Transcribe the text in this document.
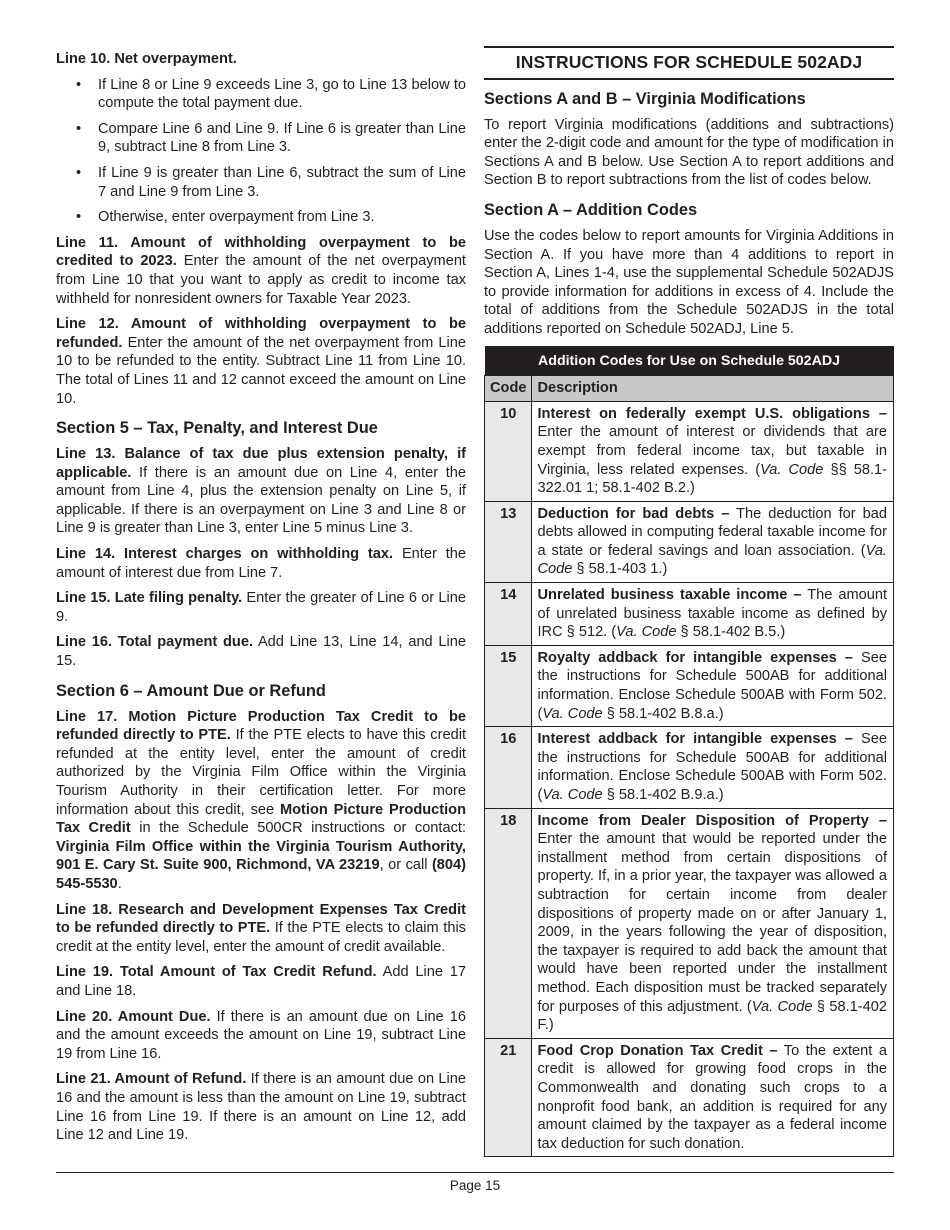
Line 10. Net overpayment.

• If Line 8 or Line 9 exceeds Line 3, go to Line 13 below to compute the total payment due.
• Compare Line 6 and Line 9. If Line 6 is greater than Line 9, subtract Line 8 from Line 3.
• If Line 9 is greater than Line 6, subtract the sum of Line 7 and Line 9 from Line 3.
• Otherwise, enter overpayment from Line 3.

Line 11. Amount of withholding overpayment to be credited to 2023. Enter the amount of the net overpayment from Line 10 that you want to apply as credit to income tax withheld for nonresident owners for Taxable Year 2023.

Line 12. Amount of withholding overpayment to be refunded. Enter the amount of the net overpayment from Line 10 to be refunded to the entity. Subtract Line 11 from Line 10. The total of Lines 11 and 12 cannot exceed the amount on Line 10.

Section 5 – Tax, Penalty, and Interest Due

Line 13. Balance of tax due plus extension penalty, if applicable. If there is an amount due on Line 4, enter the amount from Line 4, plus the extension penalty on Line 5, if applicable. If there is an overpayment on Line 3 and Line 8 or Line 9 is greater than Line 3, enter Line 5 minus Line 3.

Line 14. Interest charges on withholding tax. Enter the amount of interest due from Line 7.

Line 15. Late filing penalty. Enter the greater of Line 6 or Line 9.

Line 16. Total payment due. Add Line 13, Line 14, and Line 15.

Section 6 – Amount Due or Refund

Line 17. Motion Picture Production Tax Credit to be refunded directly to PTE. If the PTE elects to have this credit refunded at the entity level, enter the amount of credit authorized by the Virginia Film Office within the Virginia Tourism Authority in their certification letter. For more information about this credit, see Motion Picture Production Tax Credit in the Schedule 500CR instructions or contact: Virginia Film Office within the Virginia Tourism Authority, 901 E. Cary St. Suite 900, Richmond, VA 23219, or call (804) 545-5530.

Line 18. Research and Development Expenses Tax Credit to be refunded directly to PTE. If the PTE elects to claim this credit at the entity level, enter the amount of credit available.

Line 19. Total Amount of Tax Credit Refund. Add Line 17 and Line 18.

Line 20. Amount Due. If there is an amount due on Line 16 and the amount exceeds the amount on Line 19, subtract Line 19 from Line 16.

Line 21. Amount of Refund. If there is an amount due on Line 16 and the amount is less than the amount on Line 19, subtract Line 16 from Line 19. If there is an amount on Line 12, add Line 12 and Line 19.

INSTRUCTIONS FOR SCHEDULE 502ADJ
Sections A and B – Virginia Modifications

To report Virginia modifications (additions and subtractions) enter the 2-digit code and amount for the type of modification in Sections A and B below. Use Section A to report additions and Section B to report subtractions from the list of codes below.

Section A – Addition Codes

Use the codes below to report amounts for Virginia Additions in Section A. If you have more than 4 additions to report in Section A, Lines 1-4, use the supplemental Schedule 502ADJS to provide information for additions in excess of 4. Include the total of additions from the Schedule 502ADJS in the total additions reported on Schedule 502ADJ, Line 5.

Addition Codes for Use on Schedule 502ADJ	
Code	Description
10	Interest on federally exempt U.S. obligations – Enter the amount of interest or dividends that are exempt from federal income tax, but taxable in Virginia, less related expenses. (Va. Code §§ 58.1-322.01 1; 58.1-402 B.2.)
13	Deduction for bad debts – The deduction for bad debts allowed in computing federal taxable income for a state or federal savings and loan association. (Va. Code § 58.1-403 1.)
14	Unrelated business taxable income – The amount of unrelated business taxable income as defined by IRC § 512. (Va. Code § 58.1-402 B.5.)
15	Royalty addback for intangible expenses – See the instructions for Schedule 500AB for additional information. Enclose Schedule 500AB with Form 502. (Va. Code § 58.1-402 B.8.a.)
16	Interest addback for intangible expenses – See the instructions for Schedule 500AB for additional information. Enclose Schedule 500AB with Form 502. (Va. Code § 58.1-402 B.9.a.)
18	Income from Dealer Disposition of Property – Enter the amount that would be reported under the installment method from certain dispositions of property. If, in a prior year, the taxpayer was allowed a subtraction for certain income from dealer dispositions of property made on or after January 1, 2009, in the years following the year of disposition, the taxpayer is required to add back the amount that would have been reported under the installment method. Each disposition must be tracked separately for purposes of this adjustment. (Va. Code § 58.1-402 F.)
21	Food Crop Donation Tax Credit – To the extent a credit is allowed for growing food crops in the Commonwealth and donating such crops to a nonprofit food bank, an addition is required for any amount claimed by the taxpayer as a federal income tax deduction for such donation.
Page 15
